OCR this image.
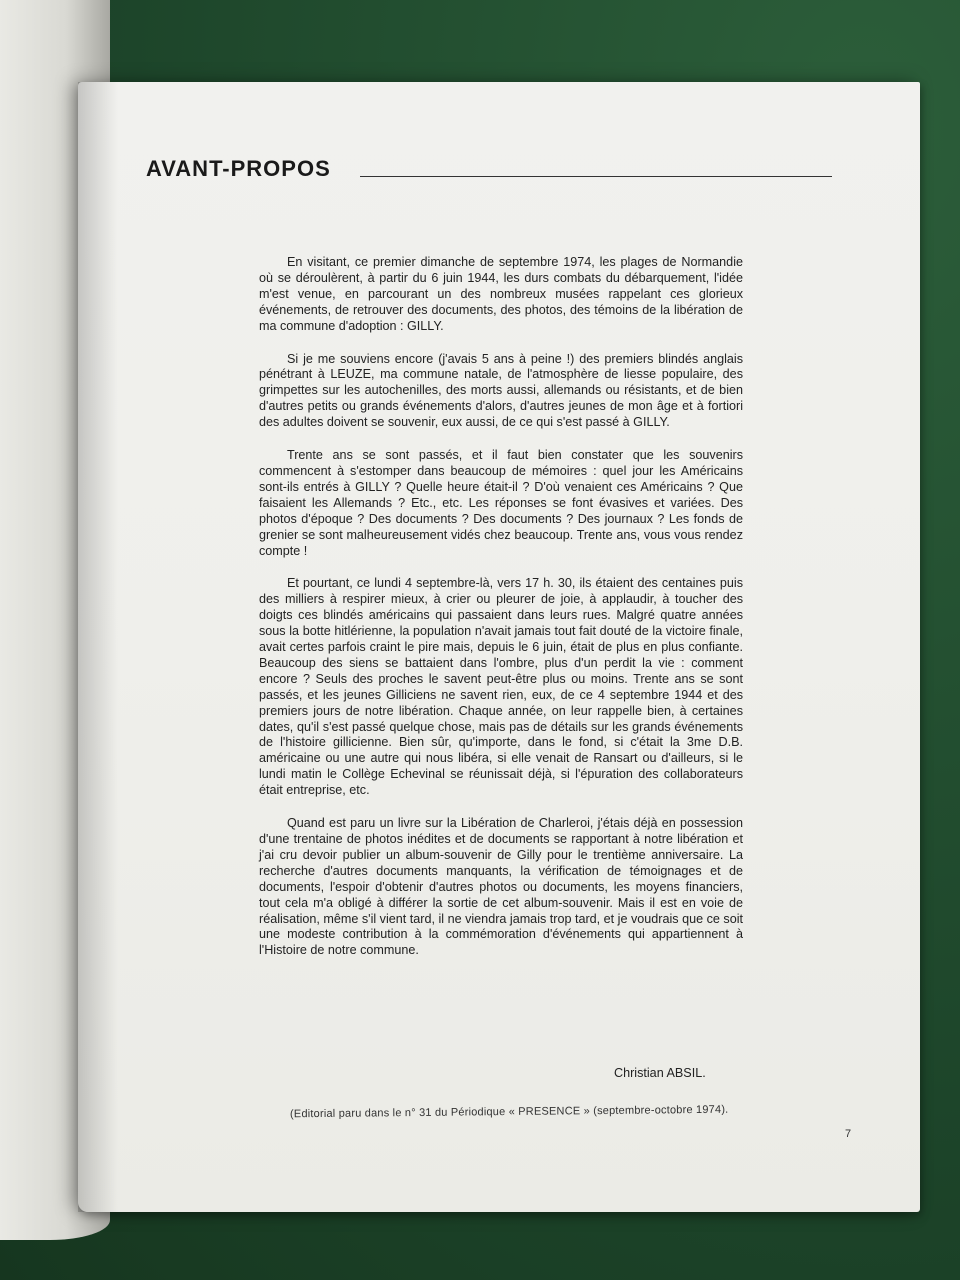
AVANT-PROPOS

En visitant, ce premier dimanche de septembre 1974, les plages de Normandie où se déroulèrent, à partir du 6 juin 1944, les durs combats du débarquement, l'idée m'est venue, en parcourant un des nombreux musées rappelant ces glorieux événements, de retrouver des documents, des photos, des témoins de la libération de ma commune d'adoption : GILLY.

Si je me souviens encore (j'avais 5 ans à peine !) des premiers blindés anglais pénétrant à LEUZE, ma commune natale, de l'atmosphère de liesse populaire, des grimpettes sur les autochenilles, des morts aussi, allemands ou résistants, et de bien d'autres petits ou grands événements d'alors, d'autres jeunes de mon âge et à fortiori des adultes doivent se souvenir, eux aussi, de ce qui s'est passé à GILLY.

Trente ans se sont passés, et il faut bien constater que les souvenirs commencent à s'estomper dans beaucoup de mémoires : quel jour les Américains sont-ils entrés à GILLY ? Quelle heure était-il ? D'où venaient ces Américains ? Que faisaient les Allemands ? Etc., etc. Les réponses se font évasives et variées. Des photos d'époque ? Des documents ? Des documents ? Des journaux ? Les fonds de grenier se sont malheureusement vidés chez beaucoup. Trente ans, vous vous rendez compte !

Et pourtant, ce lundi 4 septembre-là, vers 17 h. 30, ils étaient des centaines puis des milliers à respirer mieux, à crier ou pleurer de joie, à applaudir, à toucher des doigts ces blindés américains qui passaient dans leurs rues. Malgré quatre années sous la botte hitlérienne, la population n'avait jamais tout fait douté de la victoire finale, avait certes parfois craint le pire mais, depuis le 6 juin, était de plus en plus confiante. Beaucoup des siens se battaient dans l'ombre, plus d'un perdit la vie : comment encore ? Seuls des proches le savent peut-être plus ou moins. Trente ans se sont passés, et les jeunes Gilliciens ne savent rien, eux, de ce 4 septembre 1944 et des premiers jours de notre libération. Chaque année, on leur rappelle bien, à certaines dates, qu'il s'est passé quelque chose, mais pas de détails sur les grands événements de l'histoire gillicienne. Bien sûr, qu'importe, dans le fond, si c'était la 3me D.B. américaine ou une autre qui nous libéra, si elle venait de Ransart ou d'ailleurs, si le lundi matin le Collège Echevinal se réunissait déjà, si l'épuration des collaborateurs était entreprise, etc.

Quand est paru un livre sur la Libération de Charleroi, j'étais déjà en possession d'une trentaine de photos inédites et de documents se rapportant à notre libération et j'ai cru devoir publier un album-souvenir de Gilly pour le trentième anniversaire. La recherche d'autres documents manquants, la vérification de témoignages et de documents, l'espoir d'obtenir d'autres photos ou documents, les moyens financiers, tout cela m'a obligé à différer la sortie de cet album-souvenir. Mais il est en voie de réalisation, même s'il vient tard, il ne viendra jamais trop tard, et je voudrais que ce soit une modeste contribution à la commémoration d'événements qui appartiennent à l'Histoire de notre commune.

Christian ABSIL.
(Editorial paru dans le n° 31 du Périodique « PRESENCE » (septembre-octobre 1974).
7
